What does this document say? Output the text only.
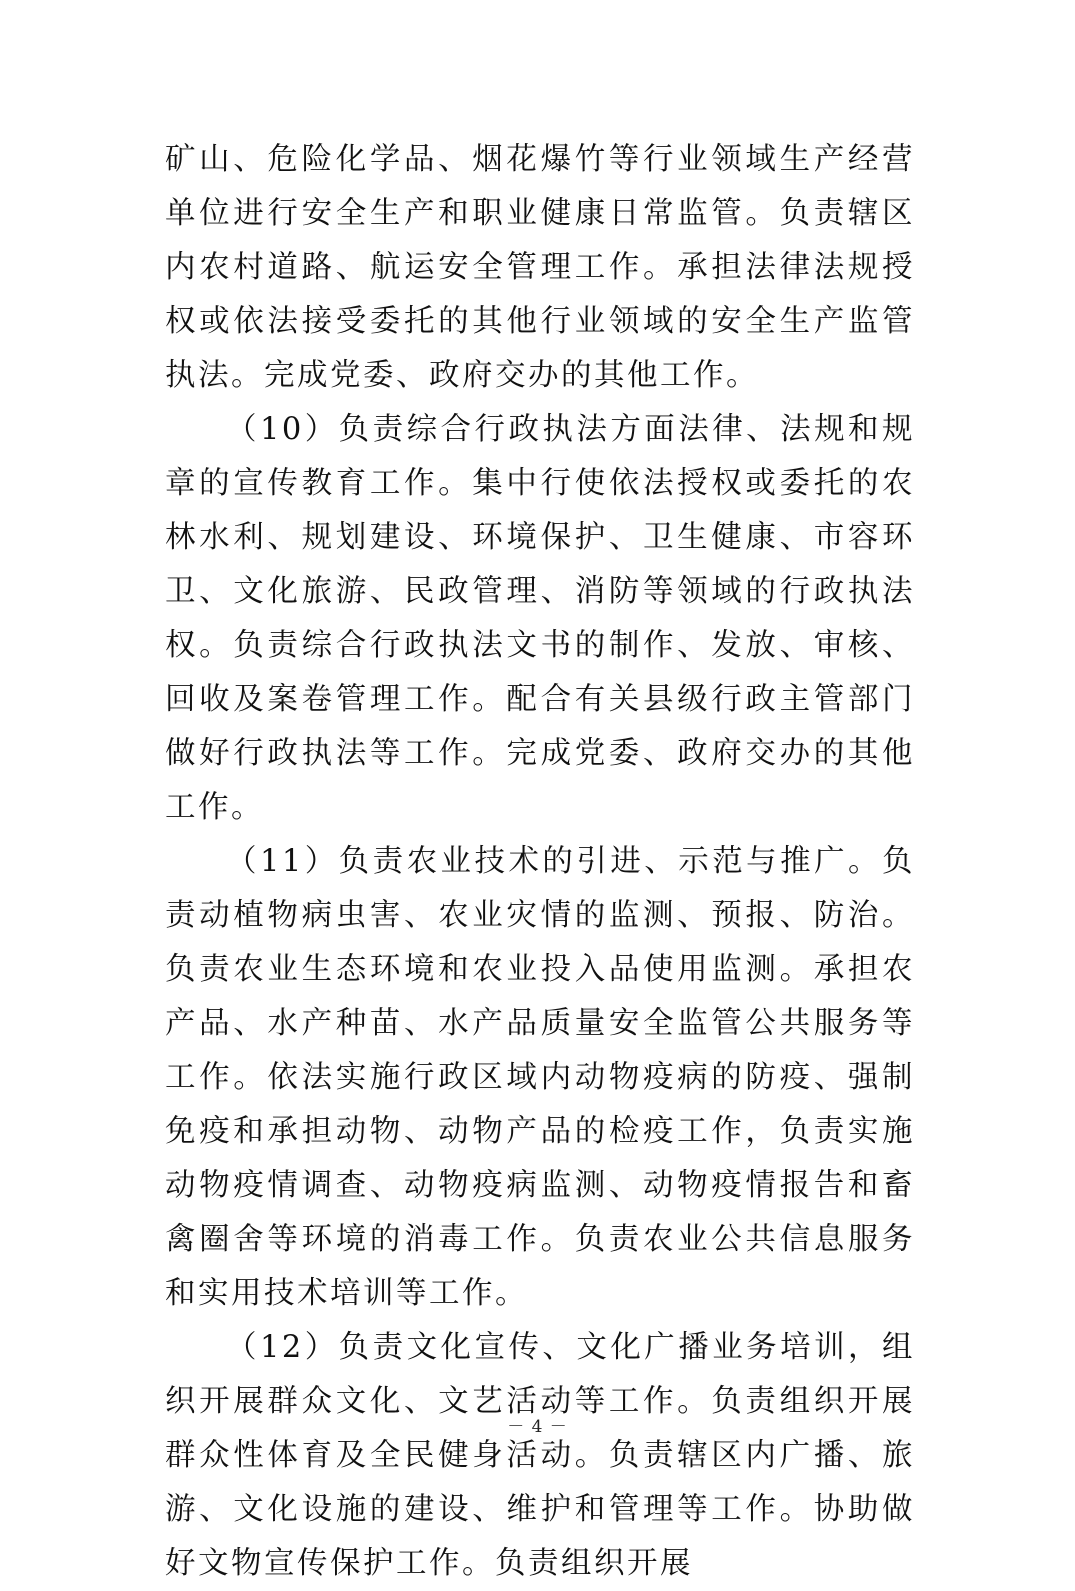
矿山、危险化学品、烟花爆竹等行业领域生产经营单位进行安全生产和职业健康日常监管。负责辖区内农村道路、航运安全管理工作。承担法律法规授权或依法接受委托的其他行业领域的安全生产监管执法。完成党委、政府交办的其他工作。

（10）负责综合行政执法方面法律、法规和规章的宣传教育工作。集中行使依法授权或委托的农林水利、规划建设、环境保护、卫生健康、市容环卫、文化旅游、民政管理、消防等领域的行政执法权。负责综合行政执法文书的制作、发放、审核、回收及案卷管理工作。配合有关县级行政主管部门做好行政执法等工作。完成党委、政府交办的其他工作。

（11）负责农业技术的引进、示范与推广。负责动植物病虫害、农业灾情的监测、预报、防治。负责农业生态环境和农业投入品使用监测。承担农产品、水产种苗、水产品质量安全监管公共服务等工作。依法实施行政区域内动物疫病的防疫、强制免疫和承担动物、动物产品的检疫工作，负责实施动物疫情调查、动物疫病监测、动物疫情报告和畜禽圈舍等环境的消毒工作。负责农业公共信息服务和实用技术培训等工作。

（12）负责文化宣传、文化广播业务培训，组织开展群众文化、文艺活动等工作。负责组织开展群众性体育及全民健身活动。负责辖区内广播、旅游、文化设施的建设、维护和管理等工作。协助做好文物宣传保护工作。负责组织开展

－ 4 －
